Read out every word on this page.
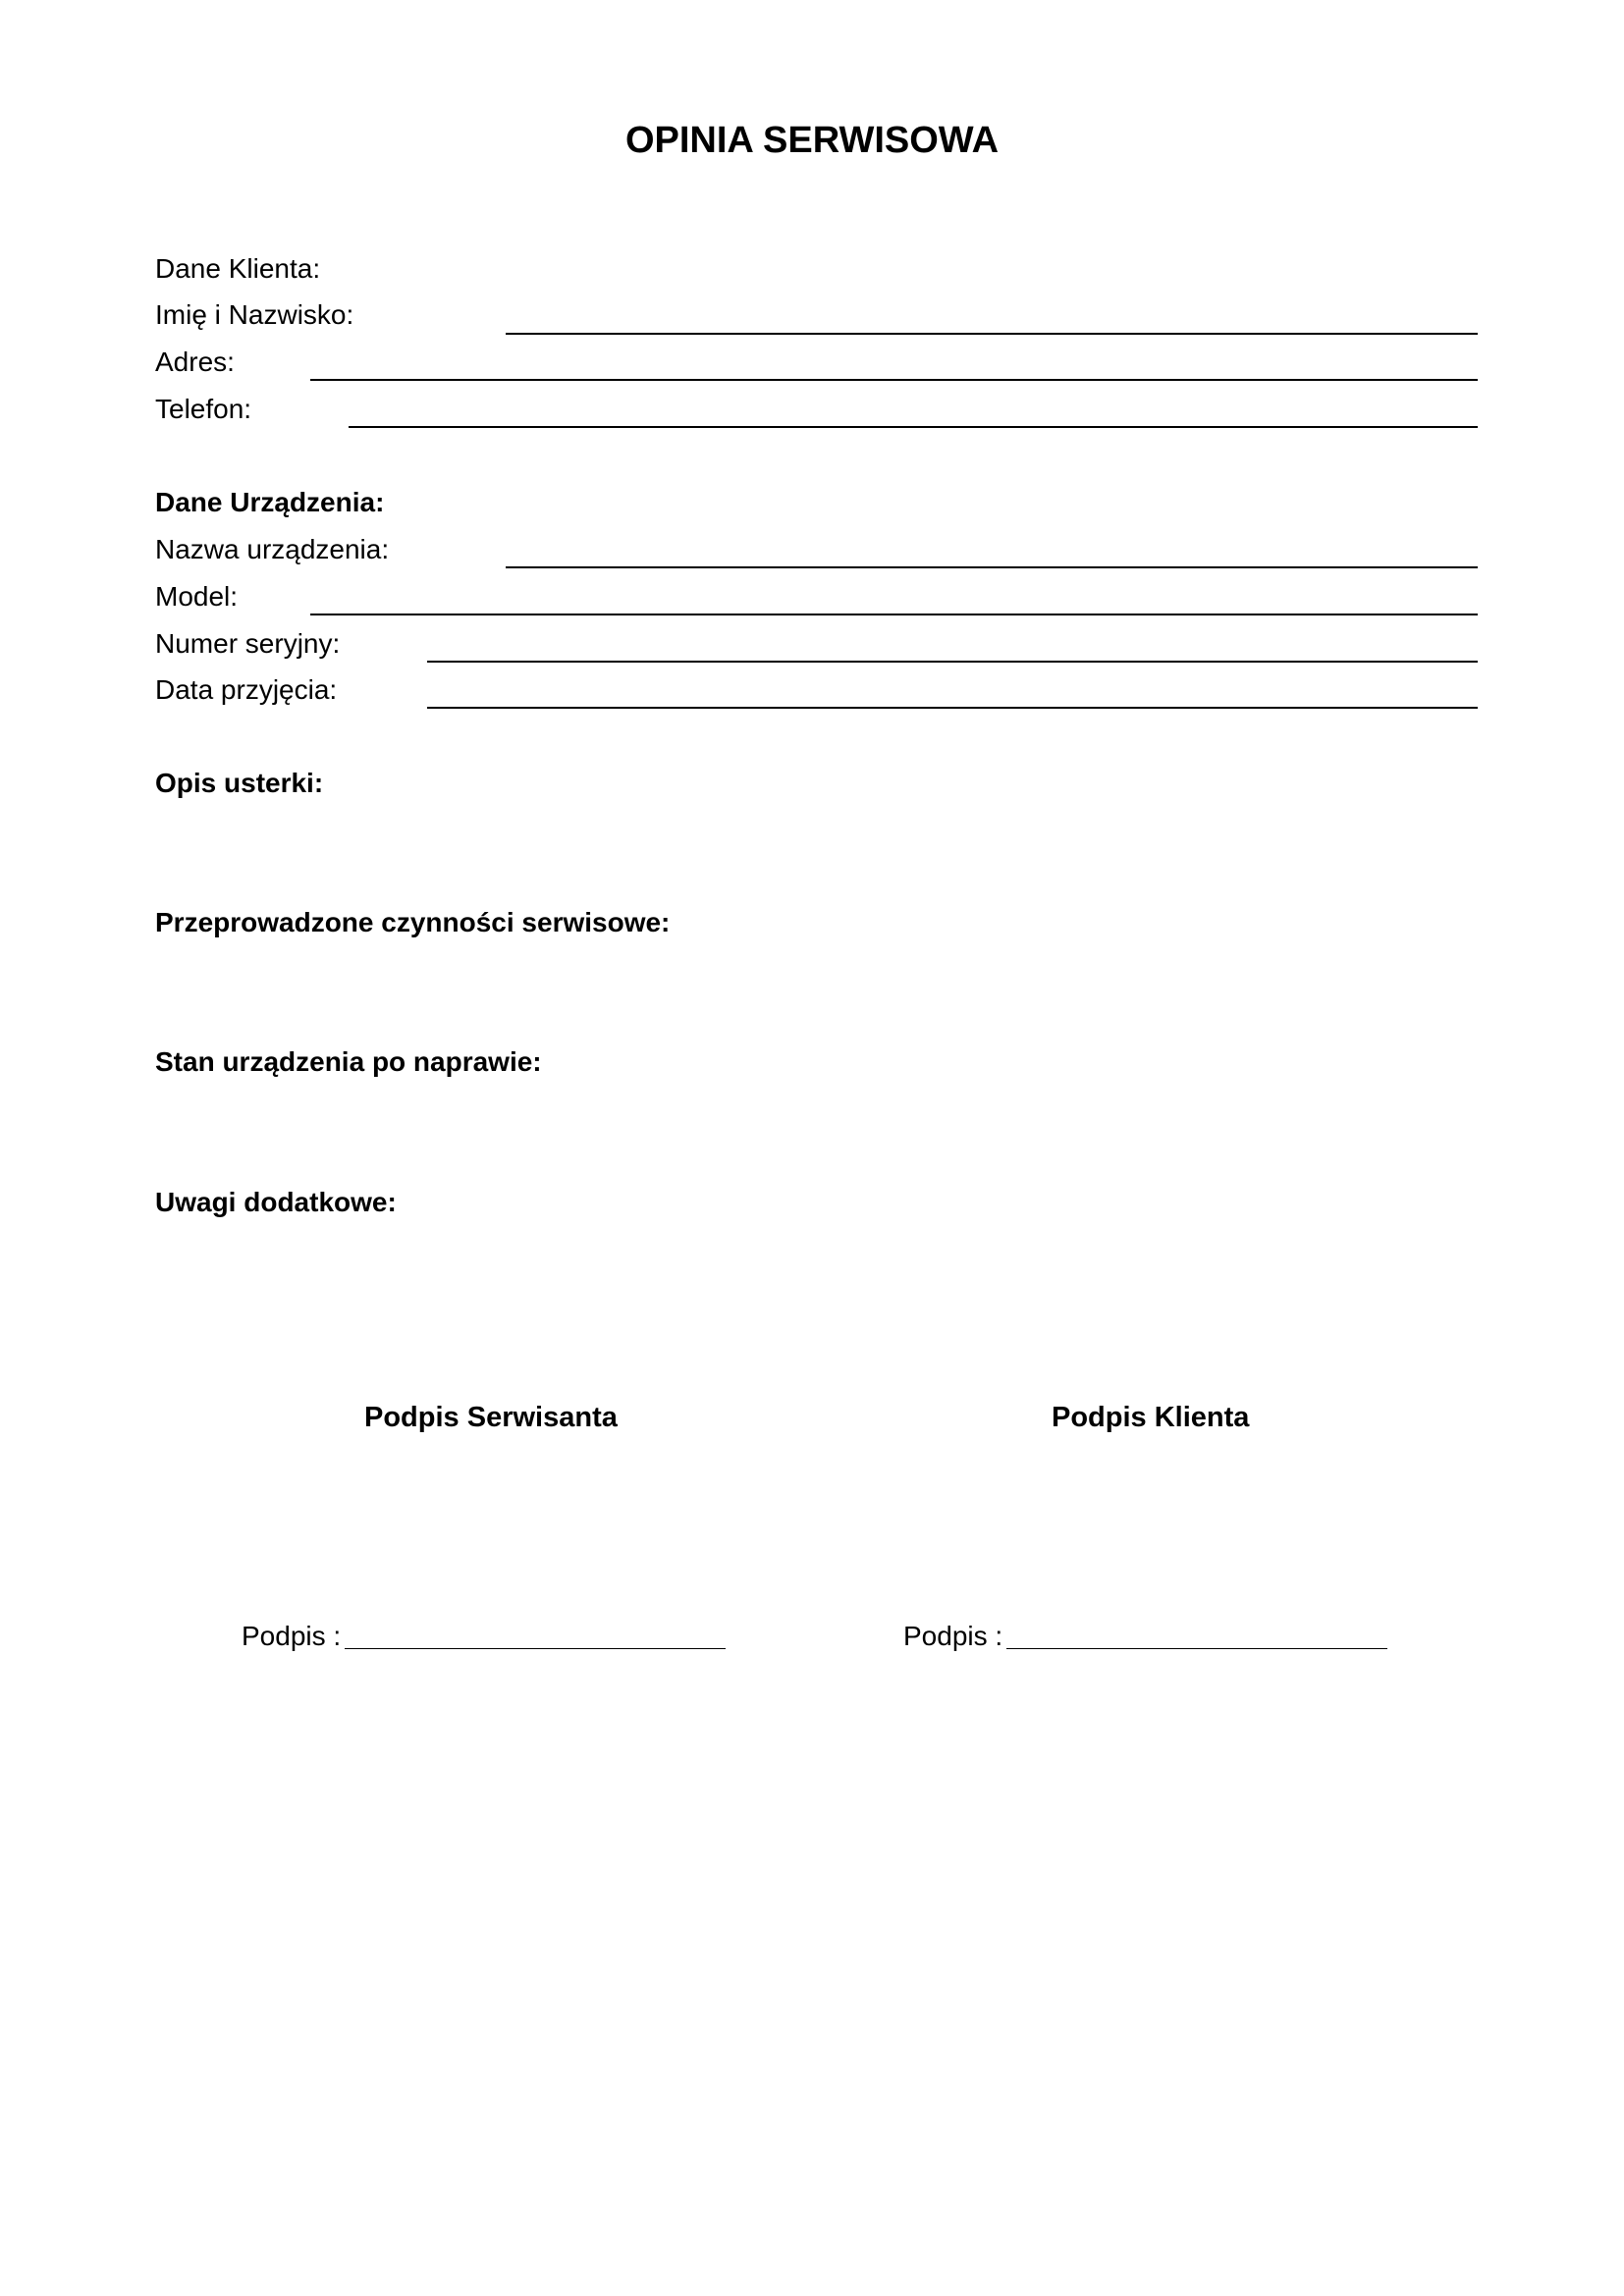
OPINIA SERWISOWA
Dane Klienta:
Imię i Nazwisko:
Adres:
Telefon:
Dane Urządzenia:
Nazwa urządzenia:
Model:
Numer seryjny:
Data przyjęcia:
Opis usterki:
Przeprowadzone czynności serwisowe:
Stan urządzenia po naprawie:
Uwagi dodatkowe:
Podpis Serwisanta	Podpis Klienta
Podpis :	Podpis :
